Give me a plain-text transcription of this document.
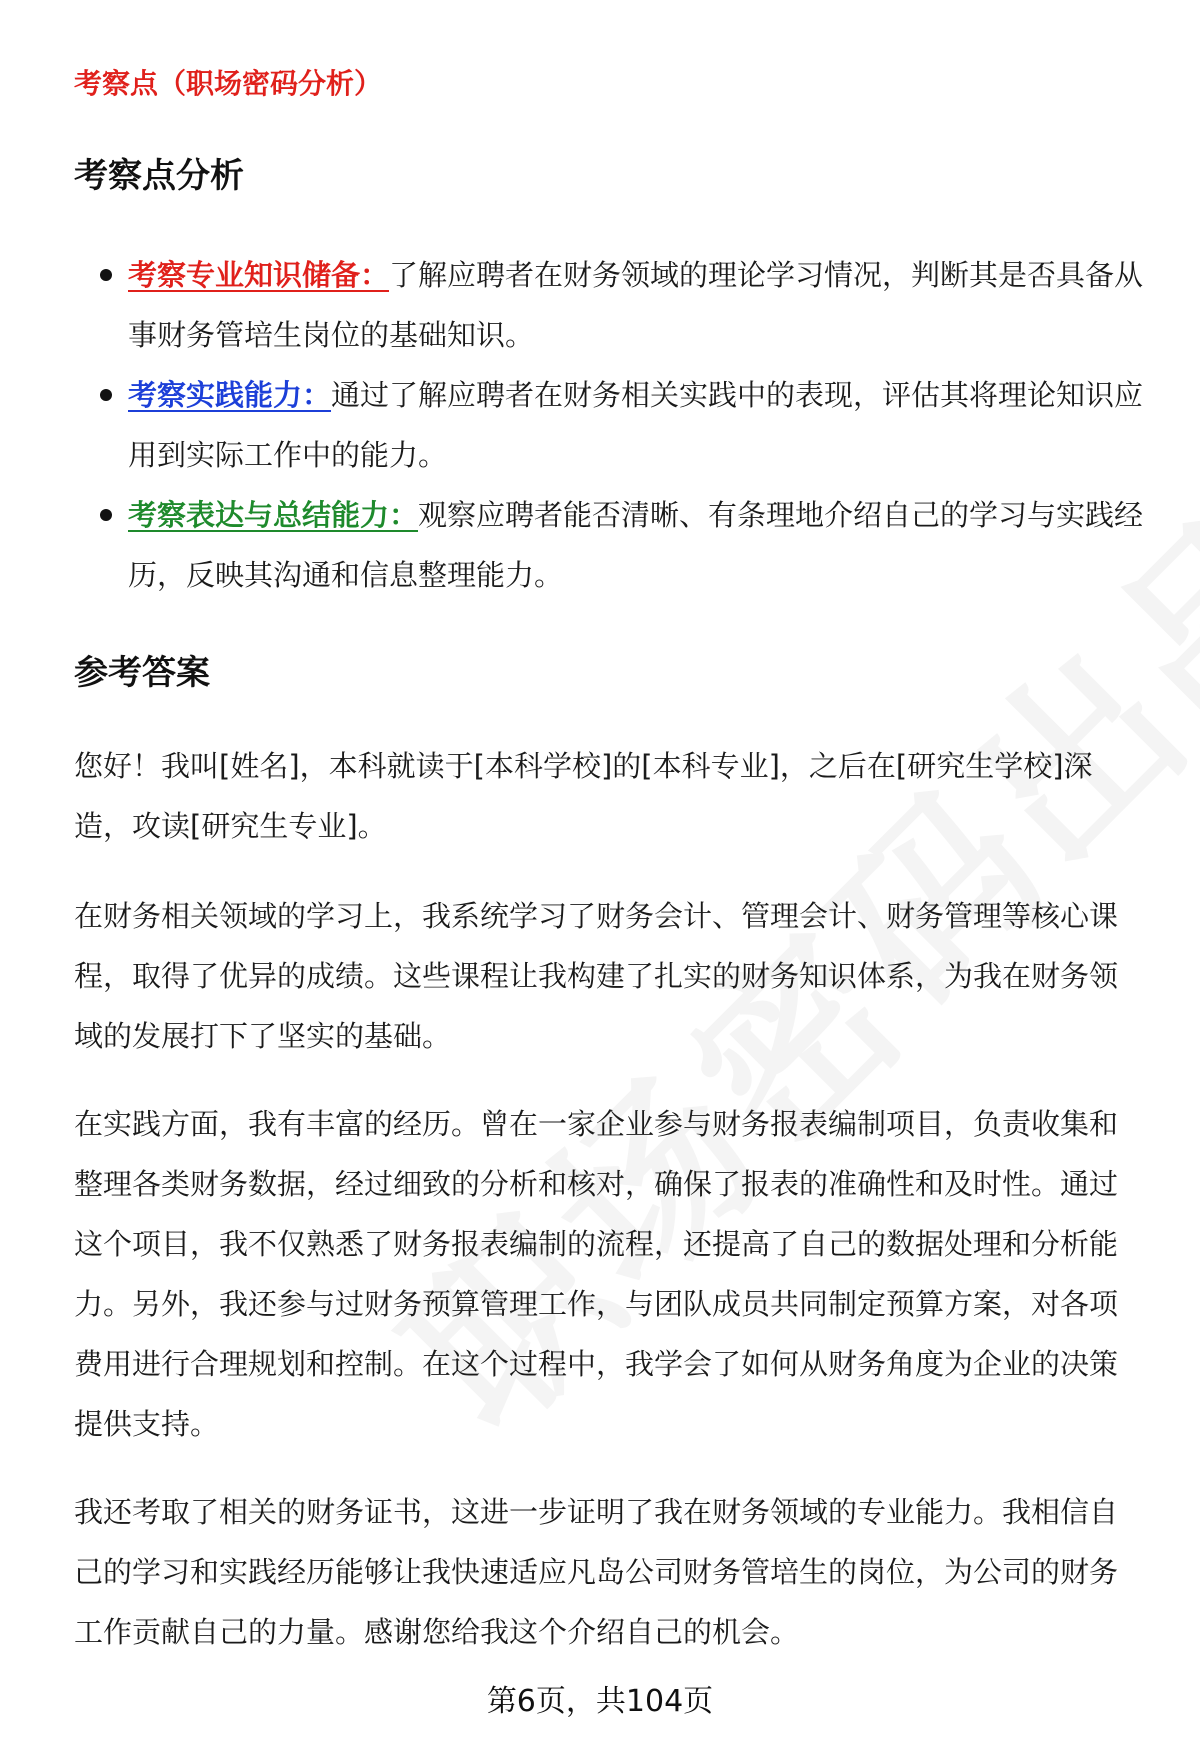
考察点（职场密码分析）
考察点分析
考察专业知识储备：了解应聘者在财务领域的理论学习情况，判断其是否具备从事财务管培生岗位的基础知识。
考察实践能力：通过了解应聘者在财务相关实践中的表现，评估其将理论知识应用到实际工作中的能力。
考察表达与总结能力：观察应聘者能否清晰、有条理地介绍自己的学习与实践经历，反映其沟通和信息整理能力。
参考答案

您好！我叫[姓名]，本科就读于[本科学校]的[本科专业]，之后在[研究生学校]深造，攻读[研究生专业]。

在财务相关领域的学习上，我系统学习了财务会计、管理会计、财务管理等核心课程，取得了优异的成绩。这些课程让我构建了扎实的财务知识体系，为我在财务领域的发展打下了坚实的基础。

在实践方面，我有丰富的经历。曾在一家企业参与财务报表编制项目，负责收集和整理各类财务数据，经过细致的分析和核对，确保了报表的准确性和及时性。通过这个项目，我不仅熟悉了财务报表编制的流程，还提高了自己的数据处理和分析能力。另外，我还参与过财务预算管理工作，与团队成员共同制定预算方案，对各项费用进行合理规划和控制。在这个过程中，我学会了如何从财务角度为企业的决策提供支持。

我还考取了相关的财务证书，这进一步证明了我在财务领域的专业能力。我相信自己的学习和实践经历能够让我快速适应凡岛公司财务管培生的岗位，为公司的财务工作贡献自己的力量。感谢您给我这个介绍自己的机会。

第6页，共104页
